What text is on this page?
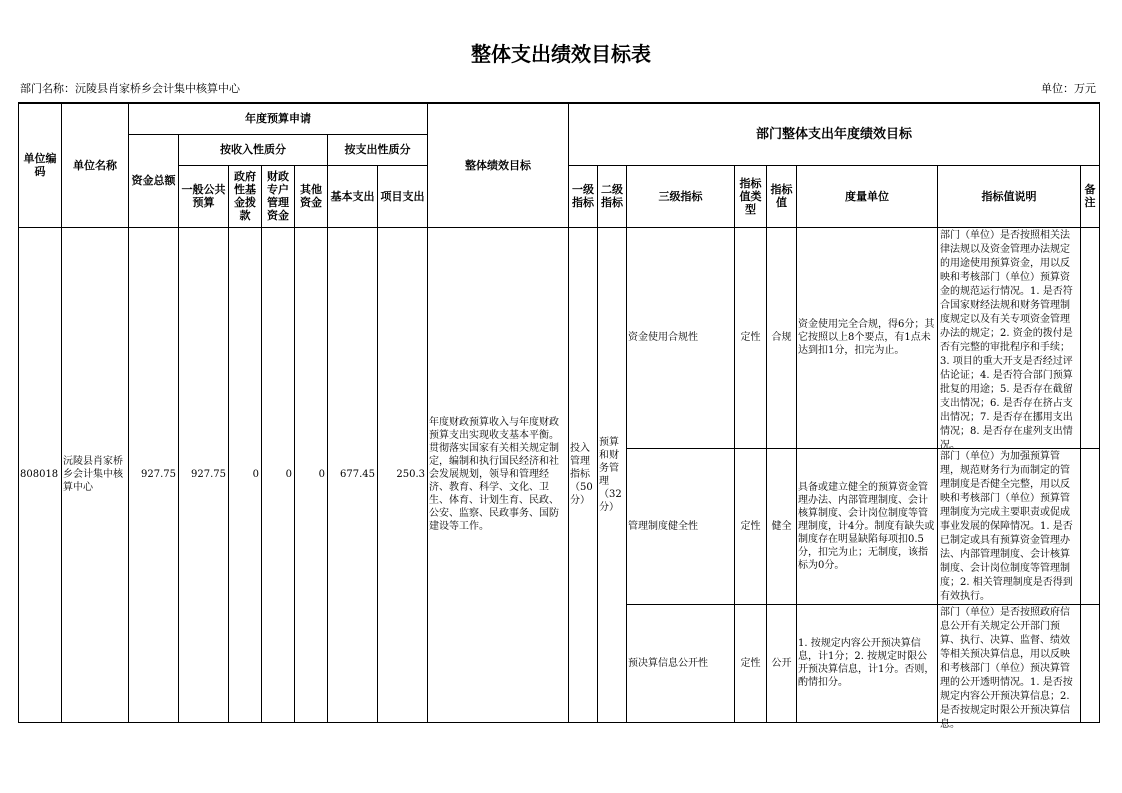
整体支出绩效目标表
部门名称：沅陵县肖家桥乡会计集中核算中心	单位：万元
单位编码	单位名称	年度预算申请							整体绩效目标	部门整体支出年度绩效目标							
		资金总额	按收入性质分				按支出性质分										
			一般公共预算	政府性基金拨款	财政专户管理资金	其他资金	基本支出	项目支出		一级指标	二级指标	三级指标	指标值类型	指标值	度量单位	指标值说明	备注

808018	沅陵县肖家桥乡会计集中核算中心	927.75	927.75	0	0	0	677.45	250.3	年度财政预算收入与年度财政预算支出实现收支基本平衡。 贯彻落实国家有关相关规定制定，编制和执行国民经济和社会发展规划，领导和管理经济、教育、科学、文化、卫生、体育、计划生育、民政、公安、监察、民政事务、国防建设等工作。	投入管理指标（50分）	预算和财务管理（32分）	资金使用合规性	定性	合规	资金使用完全合规，得6分；其它按照以上8个要点，有1点未达到扣1分，扣完为止。	部门（单位）是否按照相关法律法规以及资金管理办法规定的用途使用预算资金，用以反映和考核部门（单位）预算资金的规范运行情况。1. 是否符合国家财经法规和财务管理制度规定以及有关专项资金管理办法的规定；2. 资金的拨付是否有完整的审批程序和手续；3. 项目的重大开支是否经过评估论证；4. 是否符合部门预算批复的用途；5. 是否存在截留支出情况；6. 是否存在挤占支出情况；7. 是否存在挪用支出情况；8. 是否存在虚列支出情况。	

												管理制度健全性	定性	健全	具备或建立健全的预算资金管理办法、内部管理制度、会计核算制度、会计岗位制度等管理制度，计4分。制度有缺失或制度存在明显缺陷每项扣0.5分，扣完为止；无制度，该指标为0分。	部门（单位）为加强预算管理，规范财务行为而制定的管理制度是否健全完整，用以反映和考核部门（单位）预算管理制度为完成主要职责或促成事业发展的保障情况。1. 是否已制定或具有预算资金管理办法、内部管理制度、会计核算制度、会计岗位制度等管理制度；2. 相关管理制度是否得到有效执行。	

												预决算信息公开性	定性	公开	1. 按规定内容公开预决算信息，计1分；2. 按规定时限公开预决算信息，计1分。否则，酌情扣分。	部门（单位）是否按照政府信息公开有关规定公开部门预算、执行、决算、监督、绩效等相关预决算信息，用以反映和考核部门（单位）预决算管理的公开透明情况。1. 是否按规定内容公开预决算信息；2. 是否按规定时限公开预决算信息。	
